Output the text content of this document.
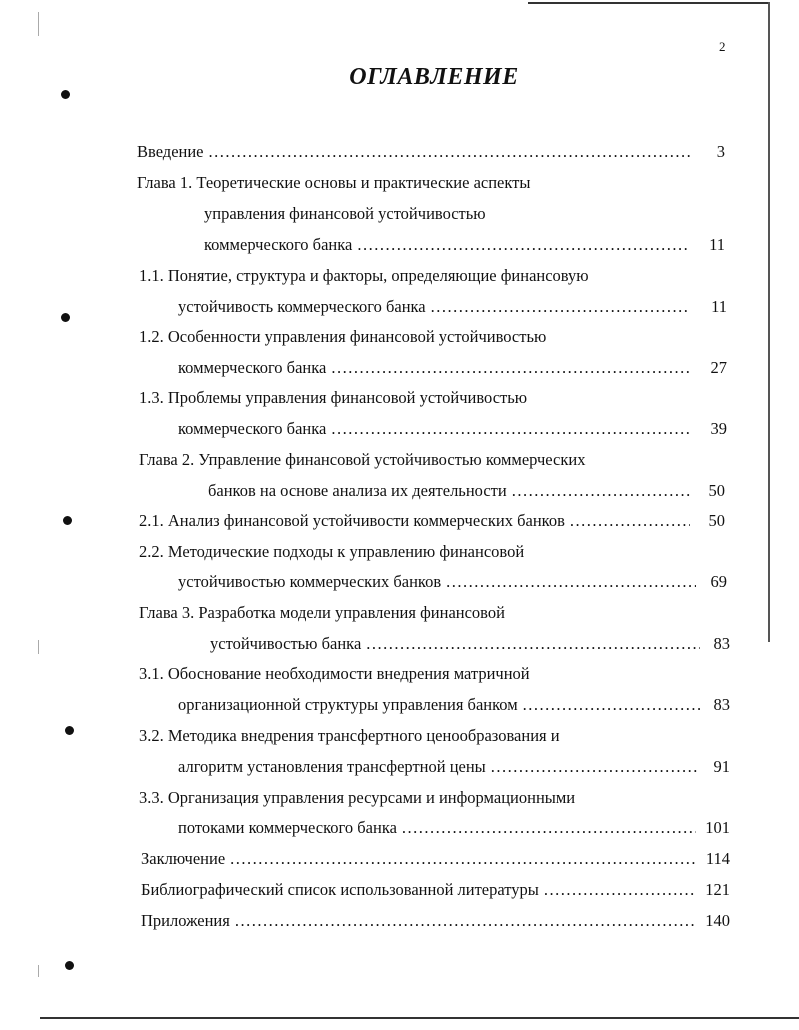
2
ОГЛАВЛЕНИЕ
Введение .....	3
Глава 1. Теоретические основы и практические аспекты
управления финансовой устойчивостью
коммерческого банка .....	11
1.1. Понятие, структура и факторы, определяющие финансовую
устойчивость коммерческого банка .....	11
1.2. Особенности управления финансовой устойчивостью
коммерческого банка .....	27
1.3. Проблемы управления финансовой устойчивостью
коммерческого банка .....	39
Глава 2. Управление финансовой устойчивостью коммерческих
банков на основе анализа их деятельности .....	50
2.1. Анализ финансовой устойчивости коммерческих банков .....	50
2.2. Методические подходы к управлению финансовой
устойчивостью коммерческих банков .....	69
Глава 3. Разработка модели управления финансовой
устойчивостью банка .....	83
3.1. Обоснование необходимости внедрения матричной
организационной структуры управления банком .....	83
3.2. Методика внедрения трансфертного ценообразования и
алгоритм установления трансфертной цены .....	91
3.3. Организация управления ресурсами и информационными
потоками коммерческого банка .....	101
Заключение .....	114
Библиографический список использованной литературы .....	121
Приложения .....	140
